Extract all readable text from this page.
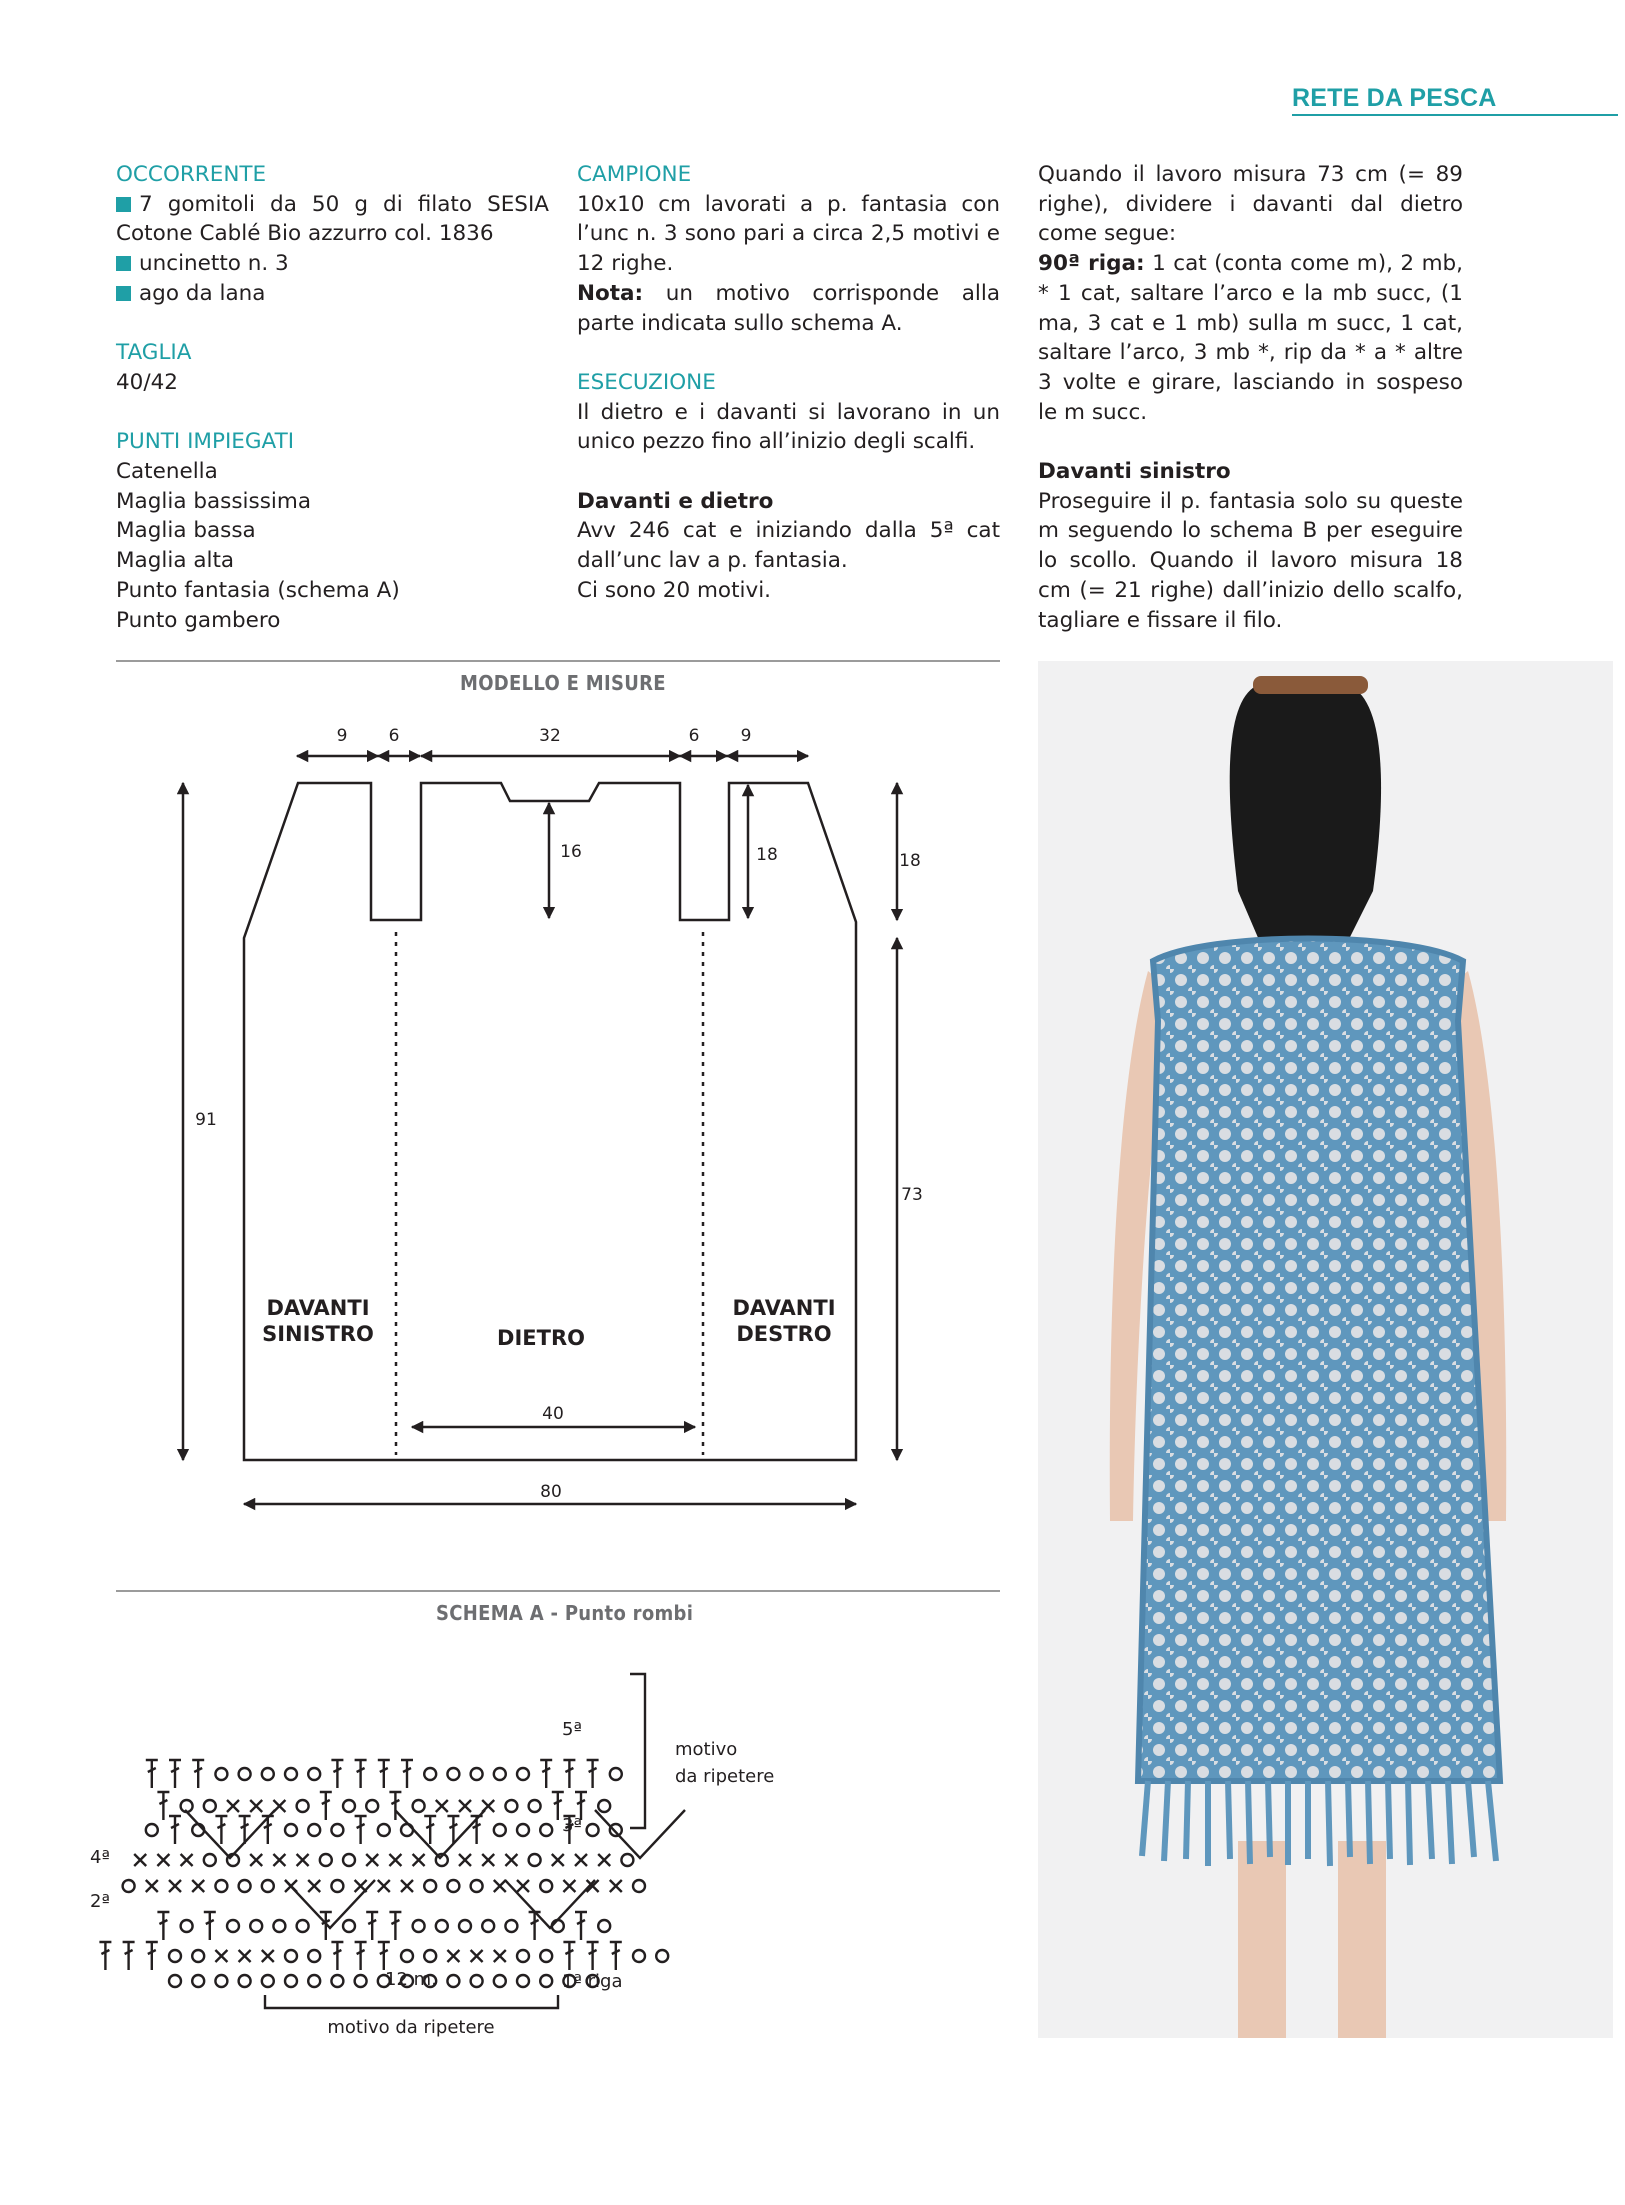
RETE DA PESCA

OCCORRENTE

7 gomitoli da 50 g di filato SESIA Cotone Cablé Bio azzurro col. 1836

uncinetto n. 3

ago da lana

TAGLIA

40/42

PUNTI IMPIEGATI

Catenella

Maglia bassissima

Maglia bassa

Maglia alta

Punto fantasia (schema A)

Punto gambero

CAMPIONE

10x10 cm lavorati a p. fantasia con l’unc n. 3 sono pari a circa 2,5 motivi e 12 righe.

Nota: un motivo corrisponde alla parte indicata sullo schema A.

ESECUZIONE

Il dietro e i davanti si lavorano in un unico pezzo fino all’inizio degli scalfi.

Davanti e dietro

Avv 246 cat e iniziando dalla 5ª cat dall’unc lav a p. fantasia.

Ci sono 20 motivi.

Quando il lavoro misura 73 cm (= 89 righe), dividere i davanti dal dietro come segue:

90ª riga: 1 cat (conta come m), 2 mb, * 1 cat, saltare l’arco e la mb succ, (1 ma, 3 cat e 1 mb) sulla m succ, 1 cat, saltare l’arco, 3 mb *, rip da * a * altre 3 volte e girare, lasciando in sospeso le m succ.

Davanti sinistro

Proseguire il p. fantasia solo su queste m seguendo lo schema B per eseguire lo scollo. Quando il lavoro misura 18 cm (= 21 righe) dall’inizio dello scalfo, tagliare e fissare il filo.

MODELLO E MISURE
9 6	32	6 9
16	18	18
91
73
40
80
DAVANTI SINISTRO	DIETRO
DAVANTI DESTRO
SCHEMA A - Punto rombi
1ª riga
2ª
3ª
4ª
5ª
motivo
da ripetere
12 m.
motivo da ripetere
